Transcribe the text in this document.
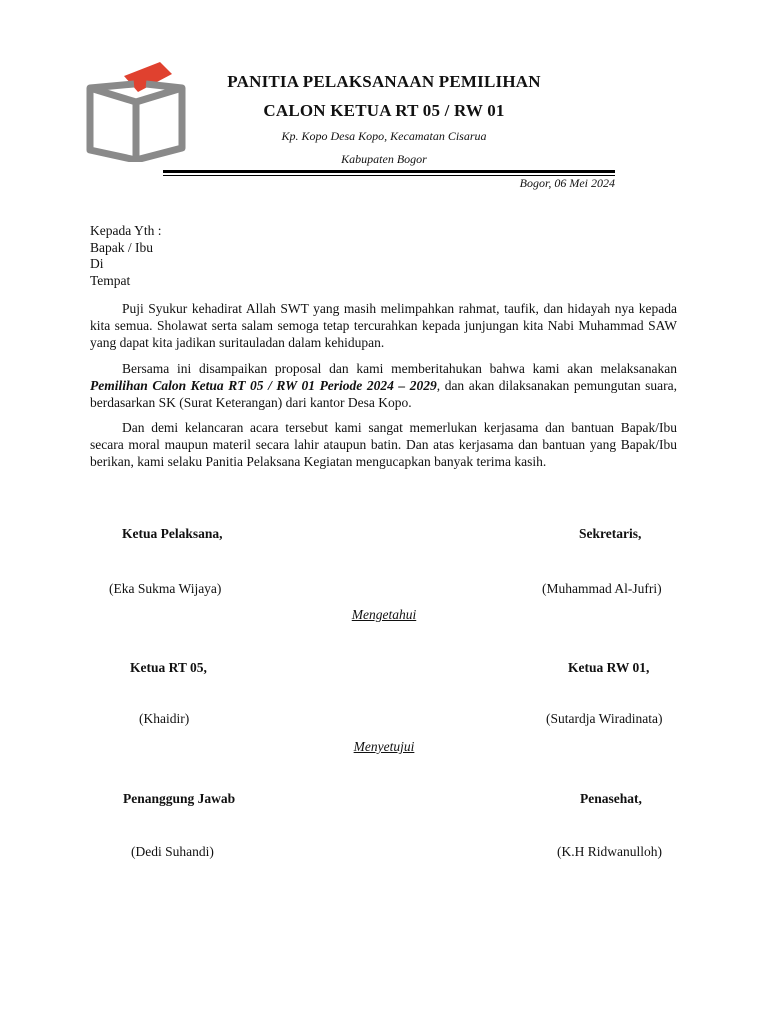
PANITIA PELAKSANAAN PEMILIHAN
CALON KETUA RT 05 / RW 01
Kp. Kopo Desa Kopo, Kecamatan Cisarua
Kabupaten Bogor
Bogor, 06 Mei 2024
Kepada Yth :
Bapak / Ibu
Di
Tempat
Puji Syukur kehadirat Allah SWT yang masih melimpahkan rahmat, taufik, dan hidayah nya kepada kita semua. Sholawat serta salam semoga tetap tercurahkan kepada junjungan kita Nabi Muhammad SAW yang dapat kita jadikan suritauladan dalam kehidupan.
Bersama ini disampaikan proposal dan kami memberitahukan bahwa kami akan melaksanakan Pemilihan Calon Ketua RT 05 / RW 01 Periode 2024 – 2029, dan akan dilaksanakan pemungutan suara, berdasarkan SK (Surat Keterangan) dari kantor Desa Kopo.
Dan demi kelancaran acara tersebut kami sangat memerlukan kerjasama dan bantuan Bapak/Ibu secara moral maupun materil secara lahir ataupun batin. Dan atas kerjasama dan bantuan yang Bapak/Ibu berikan, kami selaku Panitia Pelaksana Kegiatan mengucapkan banyak terima kasih.
Ketua Pelaksana,	Sekretaris,
(Eka Sukma Wijaya)	(Muhammad Al-Jufri)
Mengetahui
Ketua RT 05,	Ketua RW 01,
(Khaidir)	(Sutardja Wiradinata)
Menyetujui
Penanggung Jawab	Penasehat,
(Dedi Suhandi)	(K.H Ridwanulloh)
